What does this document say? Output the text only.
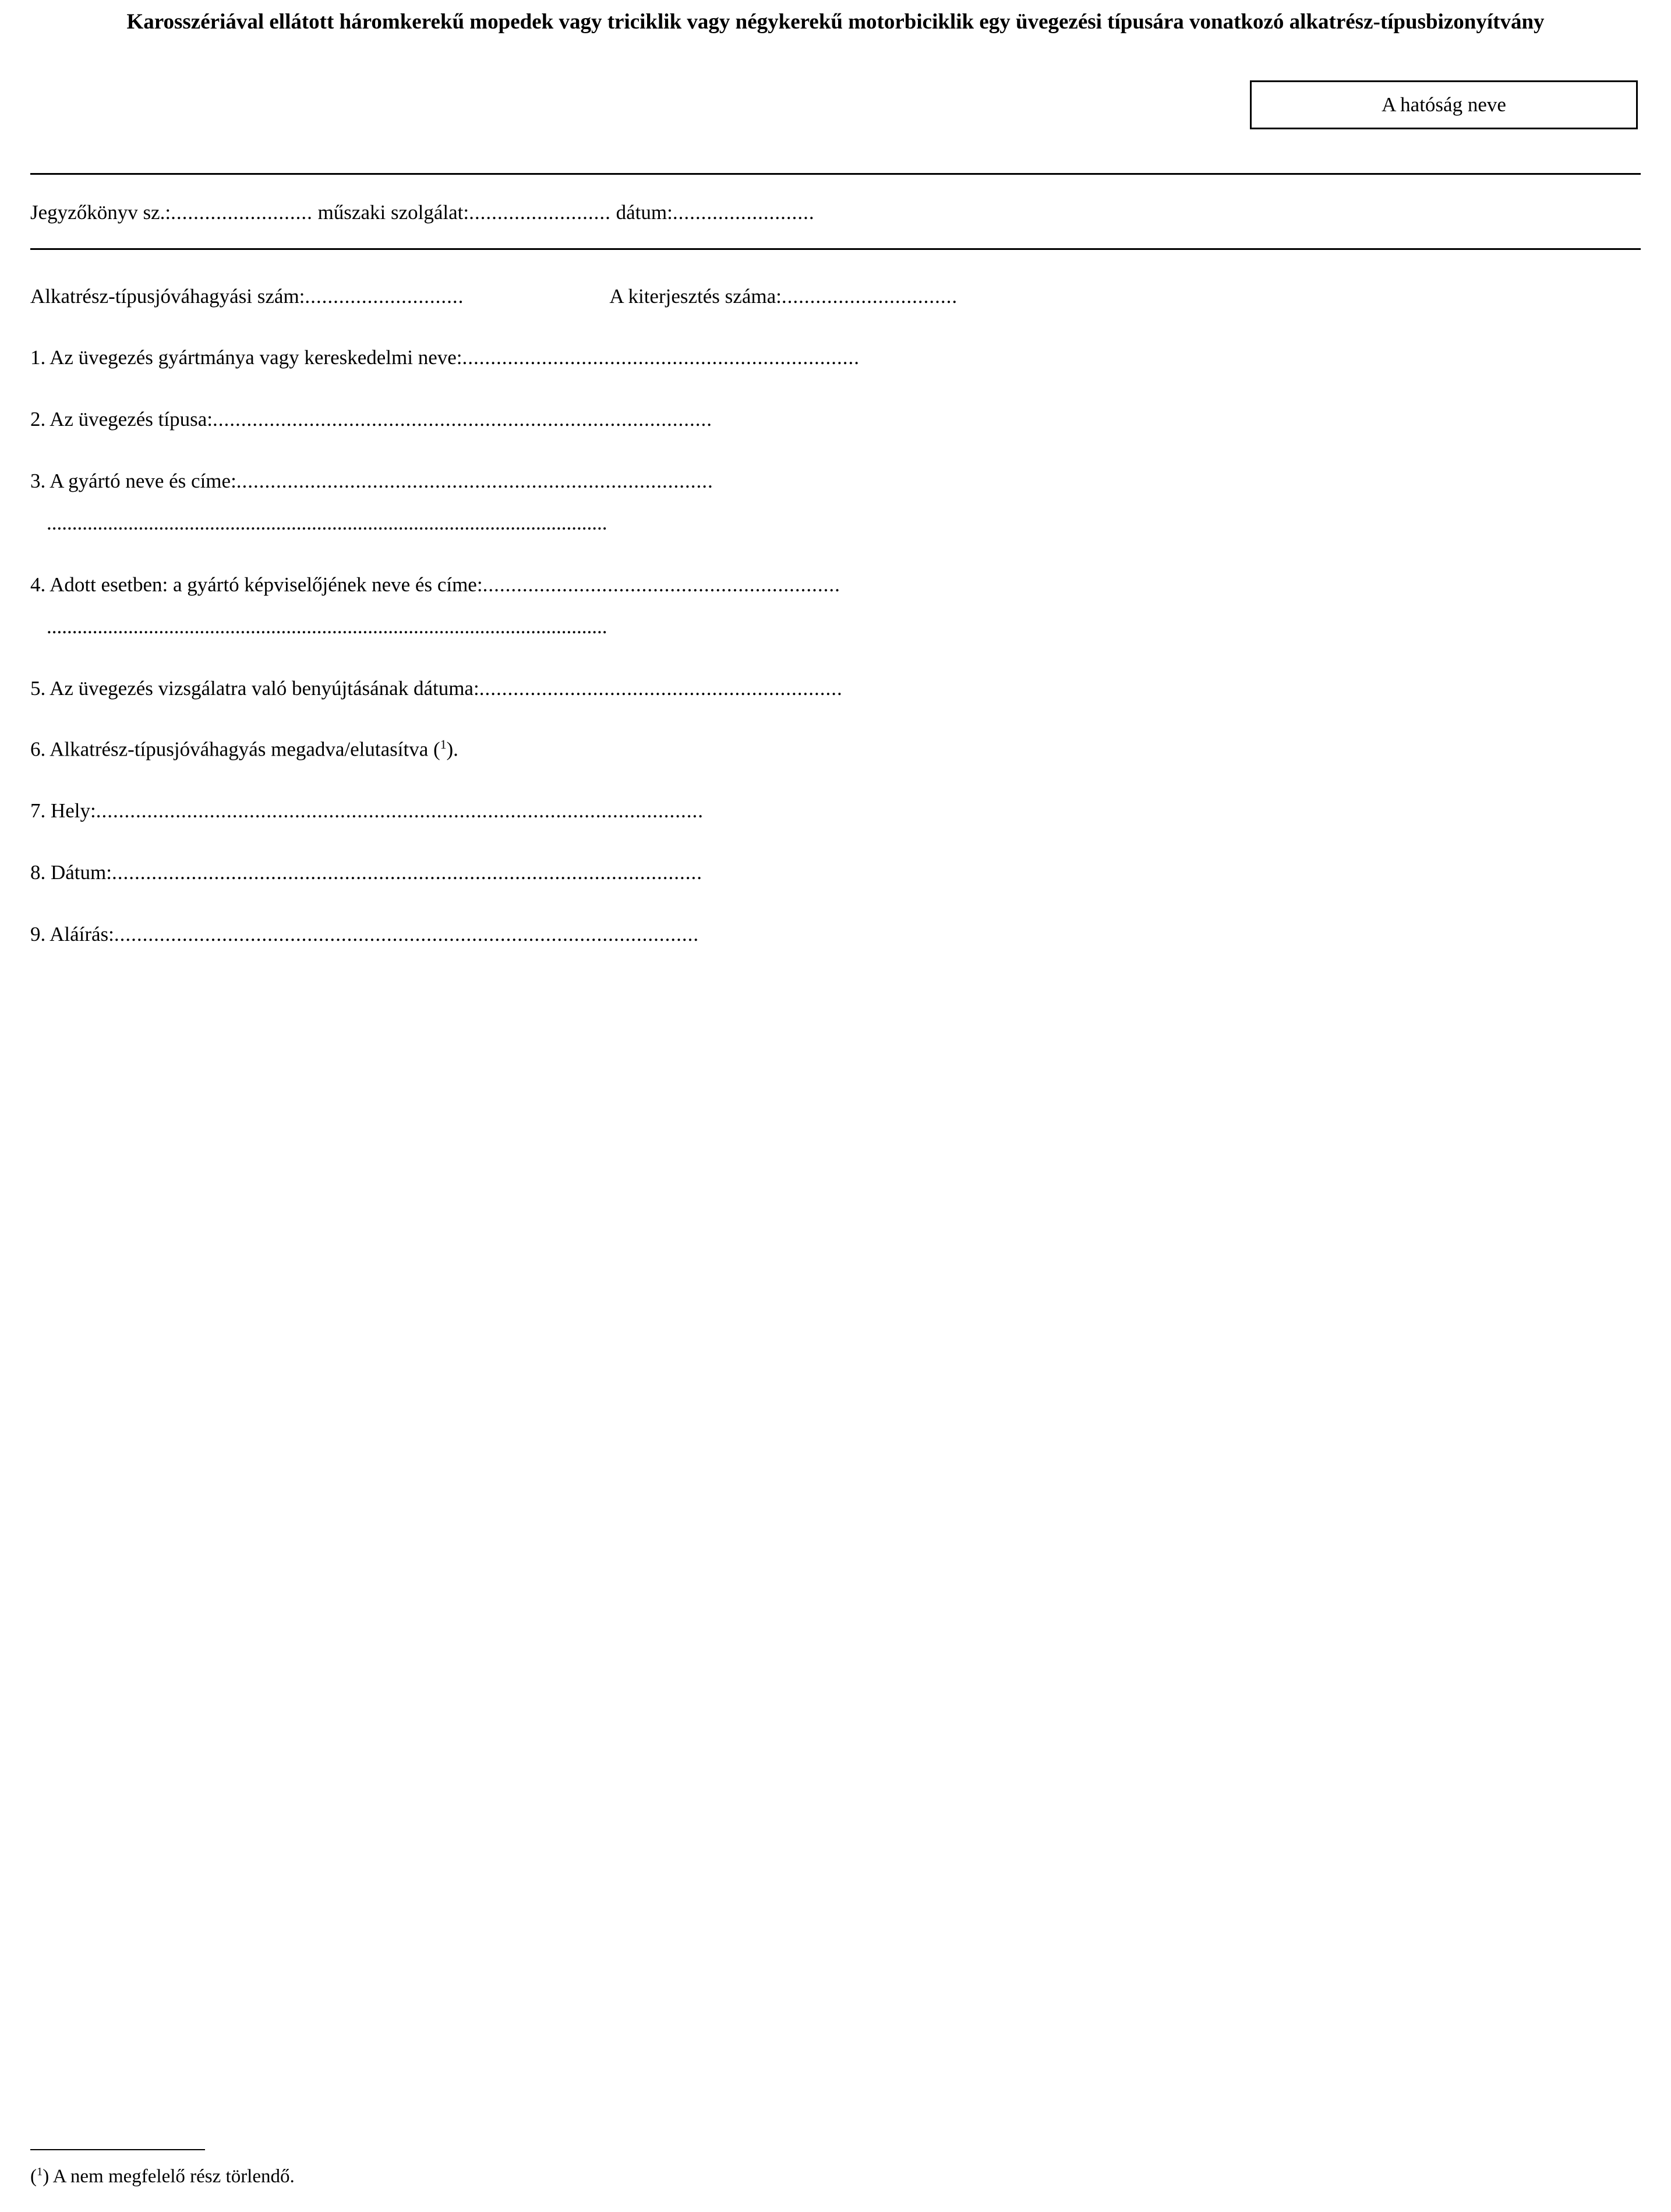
Karosszériával ellátott háromkerekű mopedek vagy triciklik vagy négykerekű motorbiciklik egy üvegezési típusára vonatkozó alkatrész-típusbizonyítvány
A hatóság neve
Jegyzőkönyv sz.:......................... műszaki szolgálat:......................... dátum:.........................
Alkatrész-típusjóváhagyási szám: ............................	A kiterjesztés száma: ...............................
1. Az üvegezés gyártmánya vagy kereskedelmi neve:......................................................................
2. Az üvegezés típusa:........................................................................................
3. A gyártó neve és címe:....................................................................................
..............................................................................................................
4. Adott esetben: a gyártó képviselőjének neve és címe:...............................................................
..............................................................................................................
5. Az üvegezés vizsgálatra való benyújtásának dátuma:................................................................
6. Alkatrész-típusjóváhagyás megadva/elutasítva ($^1$).
7. Hely:...........................................................................................................
8. Dátum:........................................................................................................
9. Aláírás:.......................................................................................................
($^1$) A nem megfelelő rész törlendő.
